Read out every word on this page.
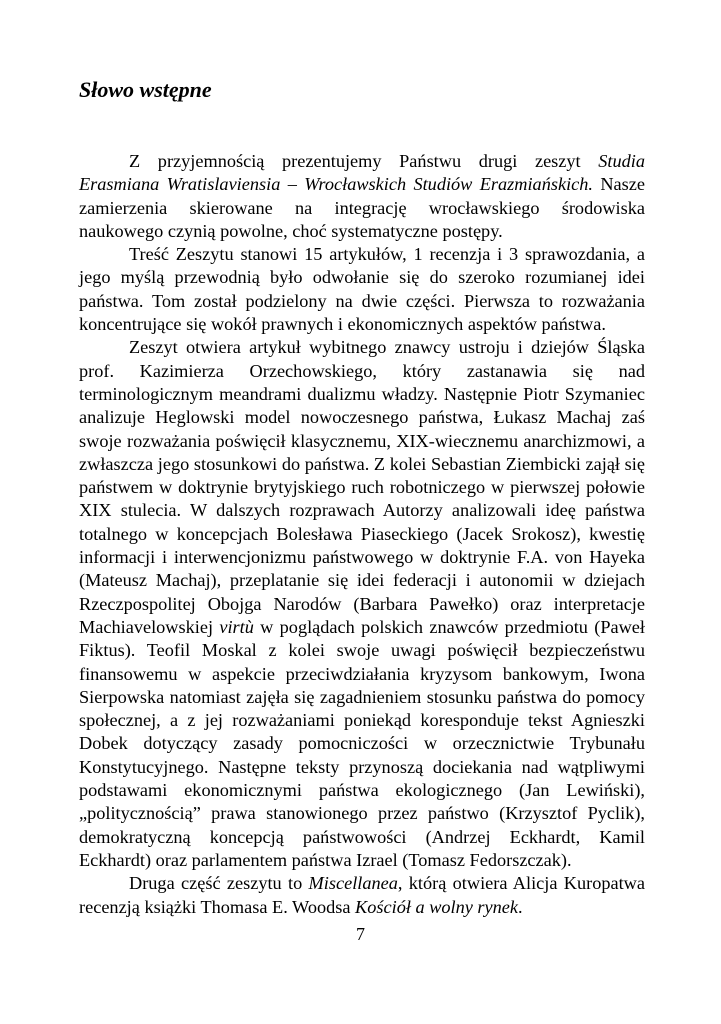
Słowo wstępne

Z przyjemnością prezentujemy Państwu drugi zeszyt Studia Erasmiana Wratislaviensia – Wrocławskich Studiów Erazmiańskich. Nasze zamierzenia skierowane na integrację wrocławskiego środowiska naukowego czynią powolne, choć systematyczne postępy.

Treść Zeszytu stanowi 15 artykułów, 1 recenzja i 3 sprawozdania, a jego myślą przewodnią było odwołanie się do szeroko rozumianej idei państwa. Tom został podzielony na dwie części. Pierwsza to rozważania koncentrujące się wokół prawnych i ekonomicznych aspektów państwa.

Zeszyt otwiera artykuł wybitnego znawcy ustroju i dziejów Śląska prof. Kazimierza Orzechowskiego, który zastanawia się nad terminologicznym meandrami dualizmu władzy. Następnie Piotr Szymaniec analizuje Heglowski model nowoczesnego państwa, Łukasz Machaj zaś swoje rozważania poświęcił klasycznemu, XIX-wiecznemu anarchizmowi, a zwłaszcza jego stosunkowi do państwa. Z kolei Sebastian Ziembicki zajął się państwem w doktrynie brytyjskiego ruch robotniczego w pierwszej połowie XIX stulecia. W dalszych rozprawach Autorzy analizowali ideę państwa totalnego w koncepcjach Bolesława Piaseckiego (Jacek Srokosz), kwestię informacji i interwencjonizmu państwowego w doktrynie F.A. von Hayeka (Mateusz Machaj), przeplatanie się idei federacji i autonomii w dziejach Rzeczpospolitej Obojga Narodów (Barbara Pawełko) oraz interpretacje Machiavelowskiej virtù w poglądach polskich znawców przedmiotu (Paweł Fiktus). Teofil Moskal z kolei swoje uwagi poświęcił bezpieczeństwu finansowemu w aspekcie przeciwdziałania kryzysom bankowym, Iwona Sierpowska natomiast zajęła się zagadnieniem stosunku państwa do pomocy społecznej, a z jej rozważaniami poniekąd koresponduje tekst Agnieszki Dobek dotyczący zasady pomocniczości w orzecznictwie Trybunału Konstytucyjnego. Następne teksty przynoszą dociekania nad wątpliwymi podstawami ekonomicznymi państwa ekologicznego (Jan Lewiński), „politycznością” prawa stanowionego przez państwo (Krzysztof Pyclik), demokratyczną koncepcją państwowości (Andrzej Eckhardt, Kamil Eckhardt) oraz parlamentem państwa Izrael (Tomasz Fedorszczak).

Druga część zeszytu to Miscellanea, którą otwiera Alicja Kuropatwa recenzją książki Thomasa E. Woodsa Kościół a wolny rynek.

7
